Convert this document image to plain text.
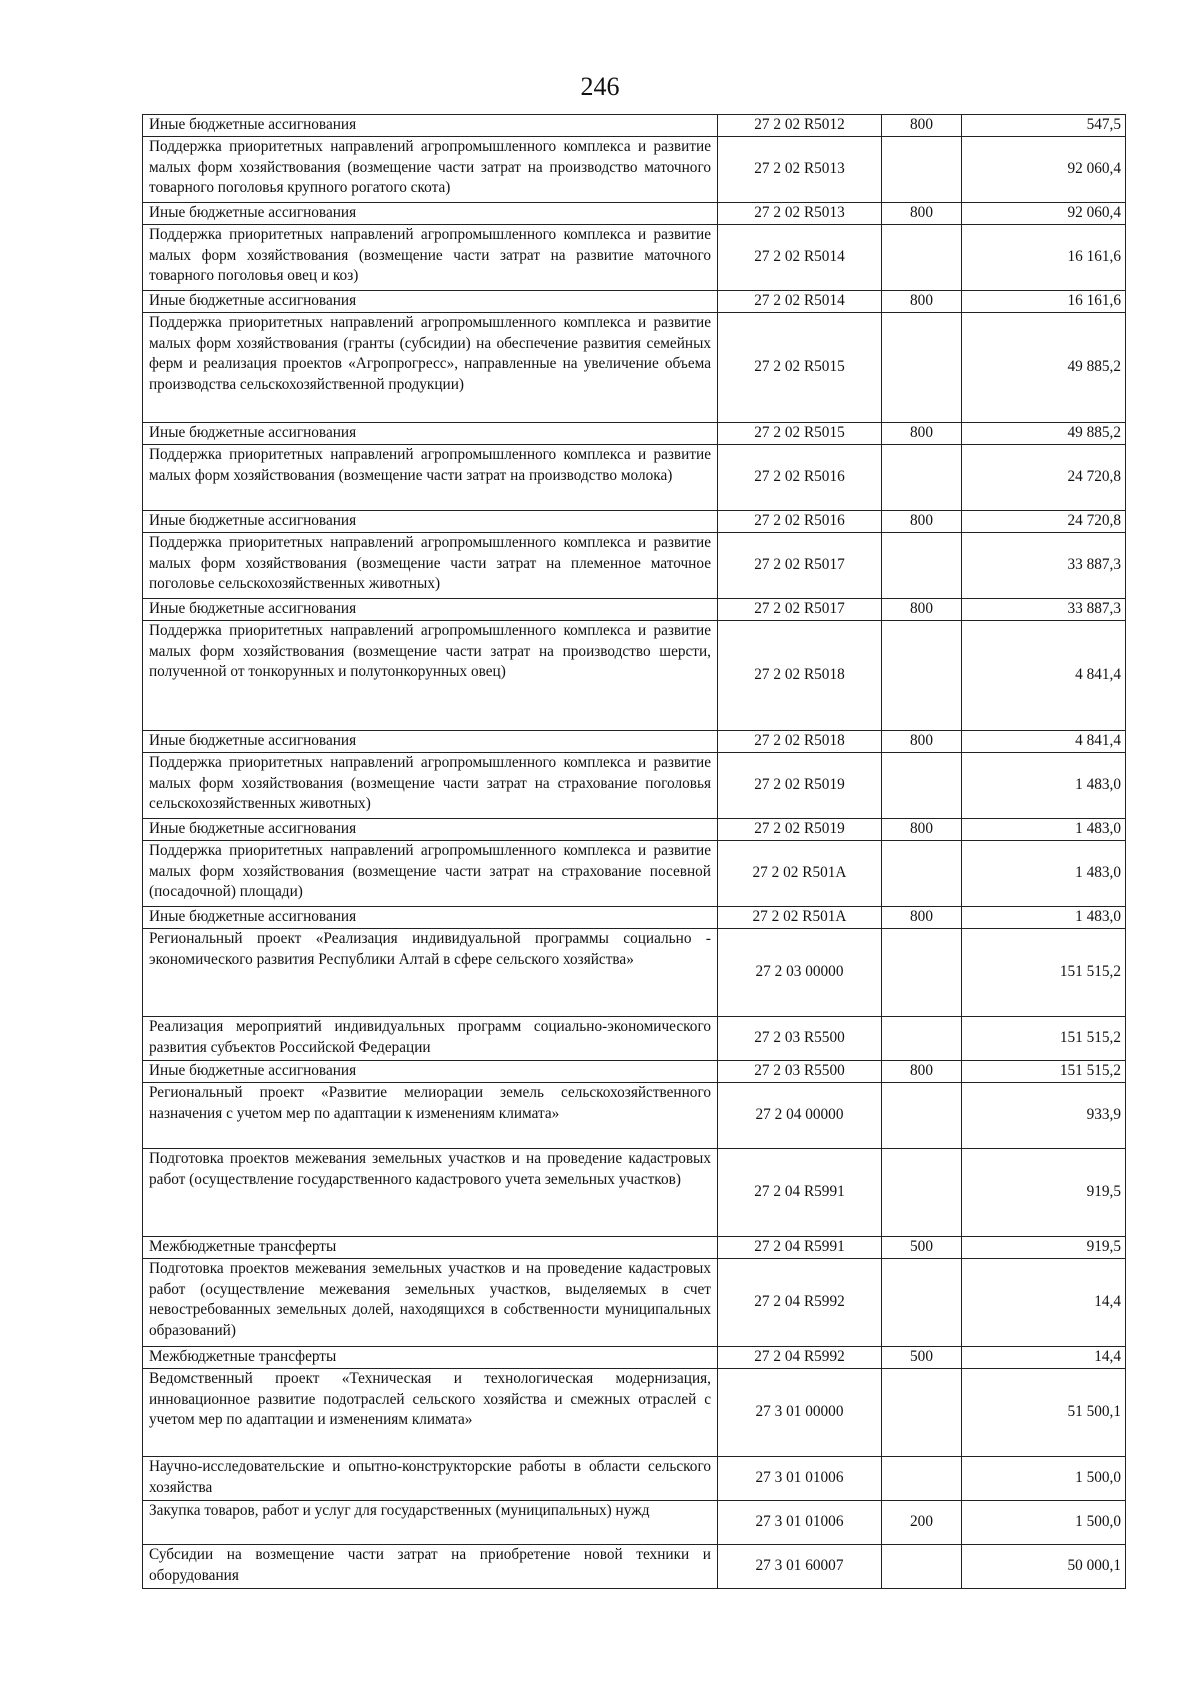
246
Иные бюджетные ассигнования	27 2 02 R5012	800	547,5
Поддержка приоритетных направлений агропромышленного комплекса и развитие малых форм хозяйствования (возмещение части затрат на производство маточного товарного поголовья крупного рогатого скота)	27 2 02 R5013		92 060,4
Иные бюджетные ассигнования	27 2 02 R5013	800	92 060,4
Поддержка приоритетных направлений агропромышленного комплекса и развитие малых форм хозяйствования (возмещение части затрат на развитие маточного товарного поголовья овец и коз)	27 2 02 R5014		16 161,6
Иные бюджетные ассигнования	27 2 02 R5014	800	16 161,6
Поддержка приоритетных направлений агропромышленного комплекса и развитие малых форм хозяйствования (гранты (субсидии) на обеспечение развития семейных ферм и реализация проектов «Агропрогресс», направленные на увеличение объема производства сельскохозяйственной продукции)	27 2 02 R5015		49 885,2
Иные бюджетные ассигнования	27 2 02 R5015	800	49 885,2
Поддержка приоритетных направлений агропромышленного комплекса и развитие малых форм хозяйствования (возмещение части затрат на производство молока)	27 2 02 R5016		24 720,8
Иные бюджетные ассигнования	27 2 02 R5016	800	24 720,8
Поддержка приоритетных направлений агропромышленного комплекса и развитие малых форм хозяйствования (возмещение части затрат на племенное маточное поголовье сельскохозяйственных животных)	27 2 02 R5017		33 887,3
Иные бюджетные ассигнования	27 2 02 R5017	800	33 887,3
Поддержка приоритетных направлений агропромышленного комплекса и развитие малых форм хозяйствования (возмещение части затрат на производство шерсти, полученной от тонкорунных и полутонкорунных овец)	27 2 02 R5018		4 841,4
Иные бюджетные ассигнования	27 2 02 R5018	800	4 841,4
Поддержка приоритетных направлений агропромышленного комплекса и развитие малых форм хозяйствования (возмещение части затрат на страхование поголовья сельскохозяйственных животных)	27 2 02 R5019		1 483,0
Иные бюджетные ассигнования	27 2 02 R5019	800	1 483,0
Поддержка приоритетных направлений агропромышленного комплекса и развитие малых форм хозяйствования (возмещение части затрат на страхование посевной (посадочной) площади)	27 2 02 R501A		1 483,0
Иные бюджетные ассигнования	27 2 02 R501A	800	1 483,0
Региональный проект «Реализация индивидуальной программы социально - экономического развития Республики Алтай в сфере сельского хозяйства»	27 2 03 00000		151 515,2
Реализация мероприятий индивидуальных программ социально-экономического развития субъектов Российской Федерации	27 2 03 R5500		151 515,2
Иные бюджетные ассигнования	27 2 03 R5500	800	151 515,2
Региональный проект «Развитие мелиорации земель сельскохозяйственного назначения с учетом мер по адаптации к изменениям климата»	27 2 04 00000		933,9
Подготовка проектов межевания земельных участков и на проведение кадастровых работ (осуществление государственного кадастрового учета земельных участков)	27 2 04 R5991		919,5
Межбюджетные трансферты	27 2 04 R5991	500	919,5
Подготовка проектов межевания земельных участков и на проведение кадастровых работ (осуществление межевания земельных участков, выделяемых в счет невостребованных земельных долей, находящихся в собственности муниципальных образований)	27 2 04 R5992		14,4
Межбюджетные трансферты	27 2 04 R5992	500	14,4
Ведомственный проект «Техническая и технологическая модернизация, инновационное развитие подотраслей сельского хозяйства и смежных отраслей с учетом мер по адаптации и изменениям климата»	27 3 01 00000		51 500,1
Научно-исследовательские и опытно-конструкторские работы в области сельского хозяйства	27 3 01 01006		1 500,0
Закупка товаров, работ и услуг для государственных (муниципальных) нужд	27 3 01 01006	200	1 500,0
Субсидии на возмещение части затрат на приобретение новой техники и оборудования	27 3 01 60007		50 000,1
